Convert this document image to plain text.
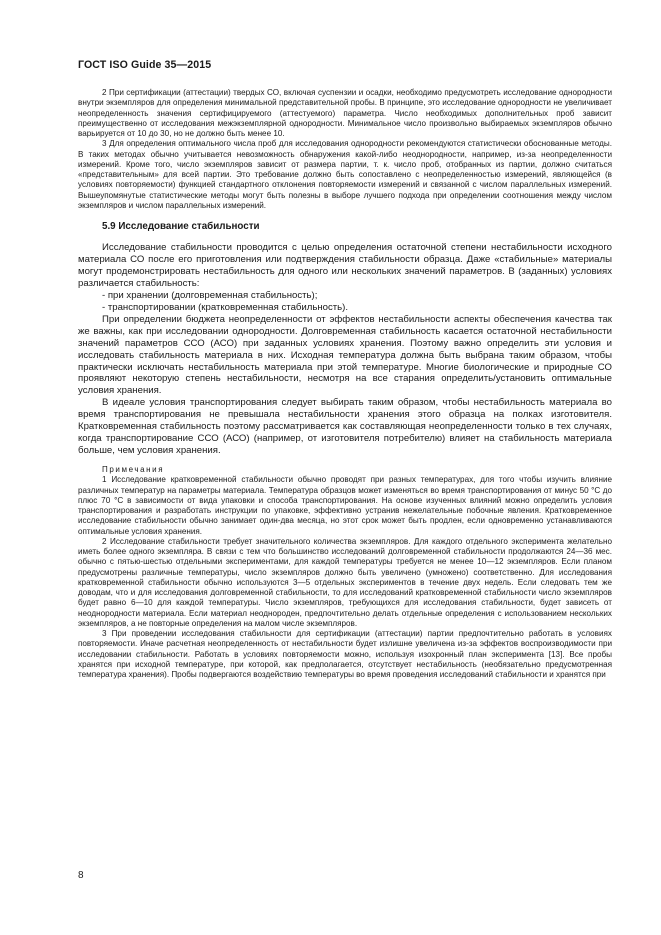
ГОСТ ISO Guide 35—2015

2 При сертификации (аттестации) твердых СО, включая суспензии и осадки, необходимо предусмотреть исследование однородности внутри экземпляров для определения минимальной представительной пробы. В принципе, это исследование однородности не увеличивает неопределенность значения сертифицируемого (аттестуемого) параметра. Число необходимых дополнительных проб зависит преимущественно от исследования межэкземплярной однородности. Минимальное число произвольно выбираемых экземпляров обычно варьируется от 10 до 30, но не должно быть менее 10.

3 Для определения оптимального числа проб для исследования однородности рекомендуются статистически обоснованные методы. В таких методах обычно учитывается невозможность обнаружения какой-либо неоднородности, например, из-за неопределенности измерений. Кроме того, число экземпляров зависит от размера партии, т. к. число проб, отобранных из партии, должно считаться «представительным» для всей партии. Это требование должно быть сопоставлено с неопределенностью измерений, являющейся (в условиях повторяемости) функцией стандартного отклонения повторяемости измерений и связанной с числом параллельных измерений. Вышеупомянутые статистические методы могут быть полезны в выборе лучшего подхода при определении соотношения между числом экземпляров и числом параллельных измерений.

5.9 Исследование стабильности

Исследование стабильности проводится с целью определения остаточной степени нестабильности исходного материала СО после его приготовления или подтверждения стабильности образца. Даже «стабильные» материалы могут продемонстрировать нестабильность для одного или нескольких значений параметров. В (заданных) условиях различается стабильность:

- при хранении (долговременная стабильность);

- транспортировании (кратковременная стабильность).

При определении бюджета неопределенности от эффектов нестабильности аспекты обеспечения качества так же важны, как при исследовании однородности. Долговременная стабильность касается остаточной нестабильности значений параметров ССО (АСО) при заданных условиях хранения. Поэтому важно определить эти условия и исследовать стабильность материала в них. Исходная температура должна быть выбрана таким образом, чтобы практически исключать нестабильность материала при этой температуре. Многие биологические и природные СО проявляют некоторую степень нестабильности, несмотря на все старания определить/установить оптимальные условия хранения.

В идеале условия транспортирования следует выбирать таким образом, чтобы нестабильность материала во время транспортирования не превышала нестабильности хранения этого образца на полках изготовителя. Кратковременная стабильность поэтому рассматривается как составляющая неопределенности только в тех случаях, когда транспортирование ССО (АСО) (например, от изготовителя потребителю) влияет на стабильность материала больше, чем условия хранения.

Примечания

1 Исследование кратковременной стабильности обычно проводят при разных температурах, для того чтобы изучить влияние различных температур на параметры материала. Температура образцов может изменяться во время транспортирования от минус 50 °С до плюс 70 °С в зависимости от вида упаковки и способа транспортирования. На основе изученных влияний можно определить условия транспортирования и разработать инструкции по упаковке, эффективно устранив нежелательные побочные явления. Кратковременное исследование стабильности обычно занимает один-два месяца, но этот срок может быть продлен, если одновременно устанавливаются оптимальные условия хранения.

2 Исследование стабильности требует значительного количества экземпляров. Для каждого отдельного эксперимента желательно иметь более одного экземпляра. В связи с тем что большинство исследований долговременной стабильности продолжаются 24—36 мес. обычно с пятью-шестью отдельными экспериментами, для каждой температуры требуется не менее 10—12 экземпляров. Если планом предусмотрены различные температуры, число экземпляров должно быть увеличено (умножено) соответственно. Для исследования кратковременной стабильности обычно используются 3—5 отдельных экспериментов в течение двух недель. Если следовать тем же доводам, что и для исследования долговременной стабильности, то для исследований кратковременной стабильности число экземпляров будет равно 6—10 для каждой температуры. Число экземпляров, требующихся для исследования стабильности, будет зависеть от неоднородности материала. Если материал неоднороден, предпочтительно делать отдельные определения с использованием нескольких экземпляров, а не повторные определения на малом числе экземпляров.

3 При проведении исследования стабильности для сертификации (аттестации) партии предпочтительно работать в условиях повторяемости. Иначе расчетная неопределенность от нестабильности будет излишне увеличена из-за эффектов воспроизводимости при исследовании стабильности. Работать в условиях повторяемости можно, используя изохронный план эксперимента [13]. Все пробы хранятся при исходной температуре, при которой, как предполагается, отсутствует нестабильность (необязательно предусмотренная температура хранения). Пробы подвергаются воздействию температуры во время проведения исследований стабильности и хранятся при

8
